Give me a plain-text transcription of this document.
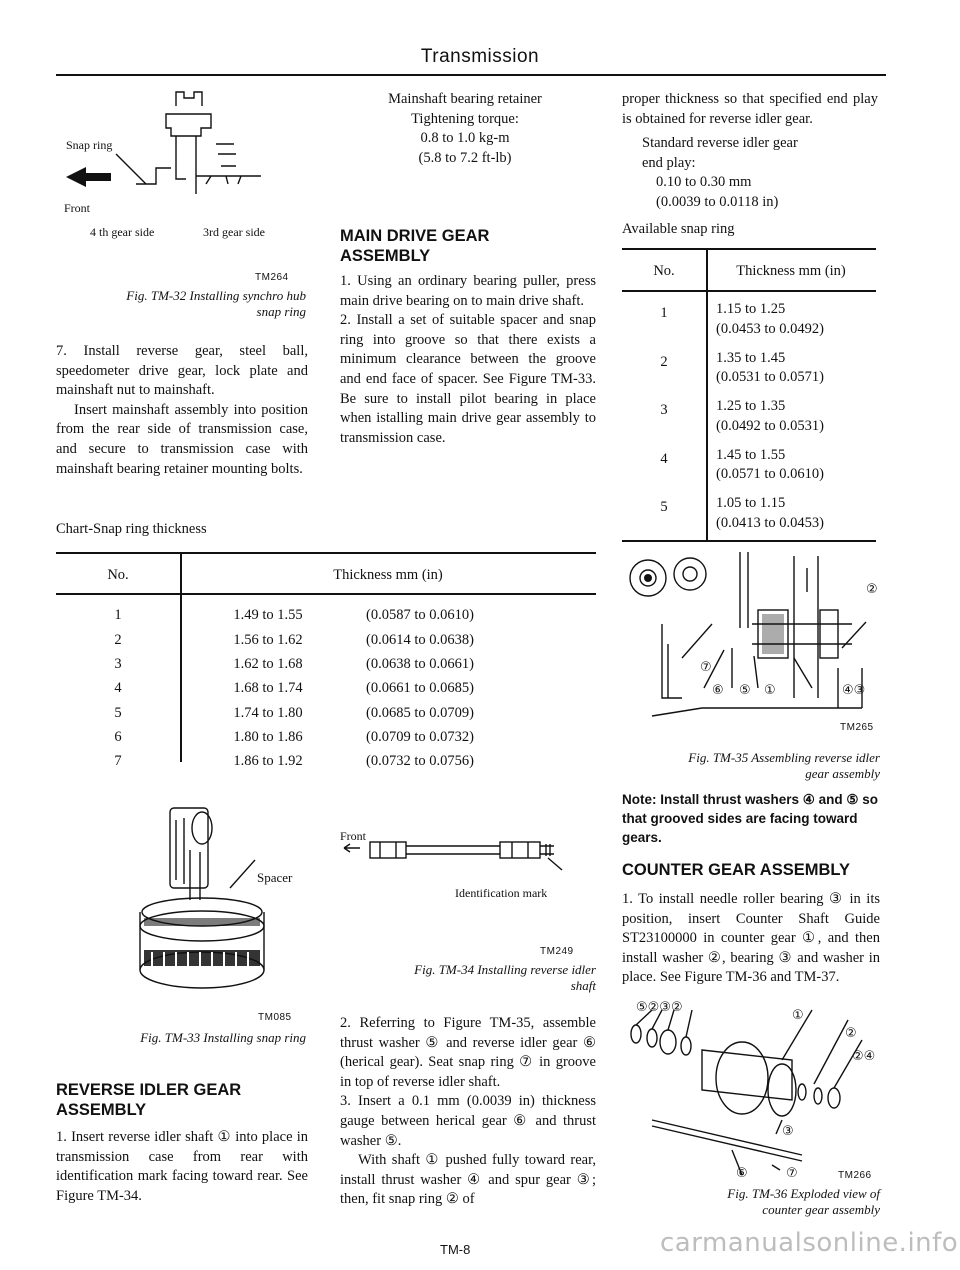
Transmission
Snap ring
Front
4 th gear side	3rd gear side
TM264
Fig. TM-32 Installing synchro hub
snap ring

7. Install reverse gear, steel ball, speedometer drive gear, lock plate and mainshaft nut to mainshaft.

Insert mainshaft assembly into position from the rear side of transmission case, and secure to transmission case with mainshaft bearing retainer mounting bolts.

Chart-Snap ring thickness
No.	Thickness mm (in)
1	1.49 to 1.55	(0.0587 to 0.0610)
2	1.56 to 1.62	(0.0614 to 0.0638)
3	1.62 to 1.68	(0.0638 to 0.0661)
4	1.68 to 1.74	(0.0661 to 0.0685)
5	1.74 to 1.80	(0.0685 to 0.0709)
6	1.80 to 1.86	(0.0709 to 0.0732)
7	1.86 to 1.92	(0.0732 to 0.0756)
Spacer
TM085
Fig. TM-33 Installing snap ring
REVERSE IDLER GEAR
ASSEMBLY

1. Insert reverse idler shaft ① into place in transmission case from rear with identification mark facing toward rear. See Figure TM-34.

Mainshaft bearing retainer
Tightening torque:
0.8 to 1.0 kg-m
(5.8 to 7.2 ft-lb)
MAIN DRIVE GEAR
ASSEMBLY

1. Using an ordinary bearing puller, press main drive bearing on to main drive shaft.

2. Install a set of suitable spacer and snap ring into groove so that there exists a minimum clearance between the groove and end face of spacer. See Figure TM-33. Be sure to install pilot bearing in place when istalling main drive gear assembly to transmission case.

Front
Identification mark
TM249
Fig. TM-34 Installing reverse idler
shaft

2. Referring to Figure TM-35, assemble thrust washer ⑤ and reverse idler gear ⑥ (herical gear). Seat snap ring ⑦ in groove in top of reverse idler shaft.

3. Insert a 0.1 mm (0.0039 in) thickness gauge between herical gear ⑥ and thrust washer ⑤.

With shaft ① pushed fully toward rear, install thrust washer ④ and spur gear ③; then, fit snap ring ② of

TM-8

proper thickness so that specified end play is obtained for reverse idler gear.

Standard reverse idler gear
end play:
0.10 to 0.30 mm
(0.0039 to 0.0118 in)
Available snap ring
No.	Thickness mm (in)
1	1.15 to 1.25
(0.0453 to 0.0492)
2	1.35 to 1.45
(0.0531 to 0.0571)
3	1.25 to 1.35
(0.0492 to 0.0531)
4	1.45 to 1.55
(0.0571 to 0.0610)
5	1.05 to 1.15
(0.0413 to 0.0453)
②
⑦
⑥ ⑤ ①	④③
TM265
Fig. TM-35 Assembling reverse idler
gear assembly
Note: Install thrust washers ④ and ⑤ so that grooved sides are facing toward gears.
COUNTER GEAR ASSEMBLY

1. To install needle roller bearing ③ in its position, insert Counter Shaft Guide ST23100000 in counter gear ①, and then install washer ②, bearing ③ and washer in place. See Figure TM-36 and TM-37.

⑤②③②
①
②
②④
③
⑥	⑦	TM266
Fig. TM-36 Exploded view of
counter gear assembly
carmanualsonline.info
